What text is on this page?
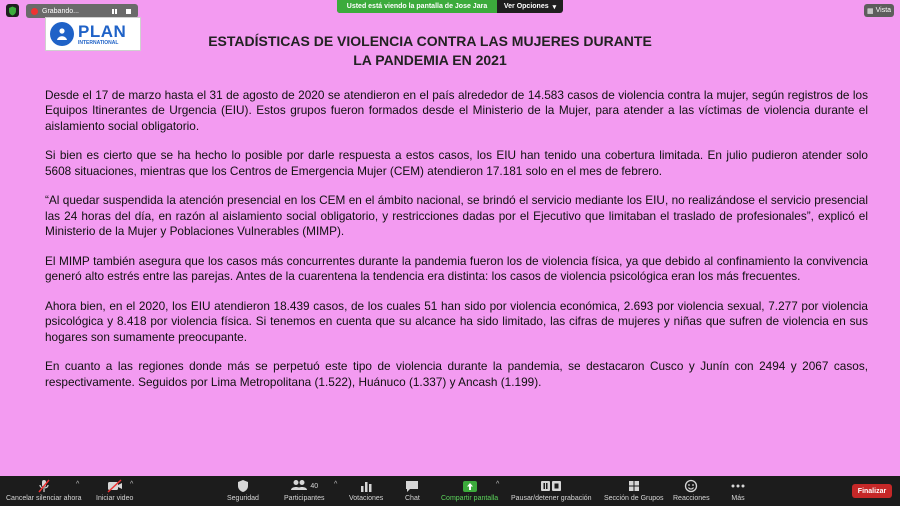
Grabando...
Usted está viendo la pantalla de Jose Jara	Ver Opciones ▾
▦ Vista
PLAN
INTERNATIONAL	ESTADÍSTICAS DE VIOLENCIA CONTRA LAS MUJERES DURANTE
LA PANDEMIA EN 2021

Desde el 17 de marzo hasta el 31 de agosto de 2020 se atendieron en el país alrededor de 14.583 casos de violencia contra la mujer, según registros de los Equipos Itinerantes de Urgencia (EIU). Estos grupos fueron formados desde el Ministerio de la Mujer, para atender a las víctimas de violencia durante el aislamiento social obligatorio.

Si bien es cierto que se ha hecho lo posible por darle respuesta a estos casos, los EIU han tenido una cobertura limitada. En julio pudieron atender solo 5608 situaciones, mientras que los Centros de Emergencia Mujer (CEM) atendieron 17.181 solo en el mes de febrero.

“Al quedar suspendida la atención presencial en los CEM en el ámbito nacional, se brindó el servicio mediante los EIU, no realizándose el servicio presencial las 24 horas del día, en razón al aislamiento social obligatorio, y restricciones dadas por el Ejecutivo que limitaban el traslado de profesionales”, explicó el Ministerio de la Mujer y Poblaciones Vulnerables (MIMP).

El MIMP también asegura que los casos más concurrentes durante la pandemia fueron los de violencia física, ya que debido al confinamiento la convivencia generó alto estrés entre las parejas. Antes de la cuarentena la tendencia era distinta: los casos de violencia psicológica eran los más frecuentes.

Ahora bien, en el 2020, los EIU atendieron 18.439 casos, de los cuales 51 han sido por violencia económica, 2.693 por violencia sexual, 7.277 por violencia psicológica y 8.418 por violencia física. Si tenemos en cuenta que su alcance ha sido limitado, las cifras de mujeres y niñas que sufren de violencia en sus hogares son sumamente preocupante.

En cuanto a las regiones donde más se perpetuó este tipo de violencia durante la pandemia, se destacaron Cusco y Junín con 2494 y 2067 casos, respectivamente. Seguidos por Lima Metropolitana (1.522), Huánuco (1.337) y Ancash (1.199).

Cancelar silenciar ahora
^
Iniciar video
^
Seguridad
40
Participantes
^
Votaciones	Chat	Compartir pantalla
^
Pausar/detener grabación Sección de Grupos Reacciones	Más
Finalizar
